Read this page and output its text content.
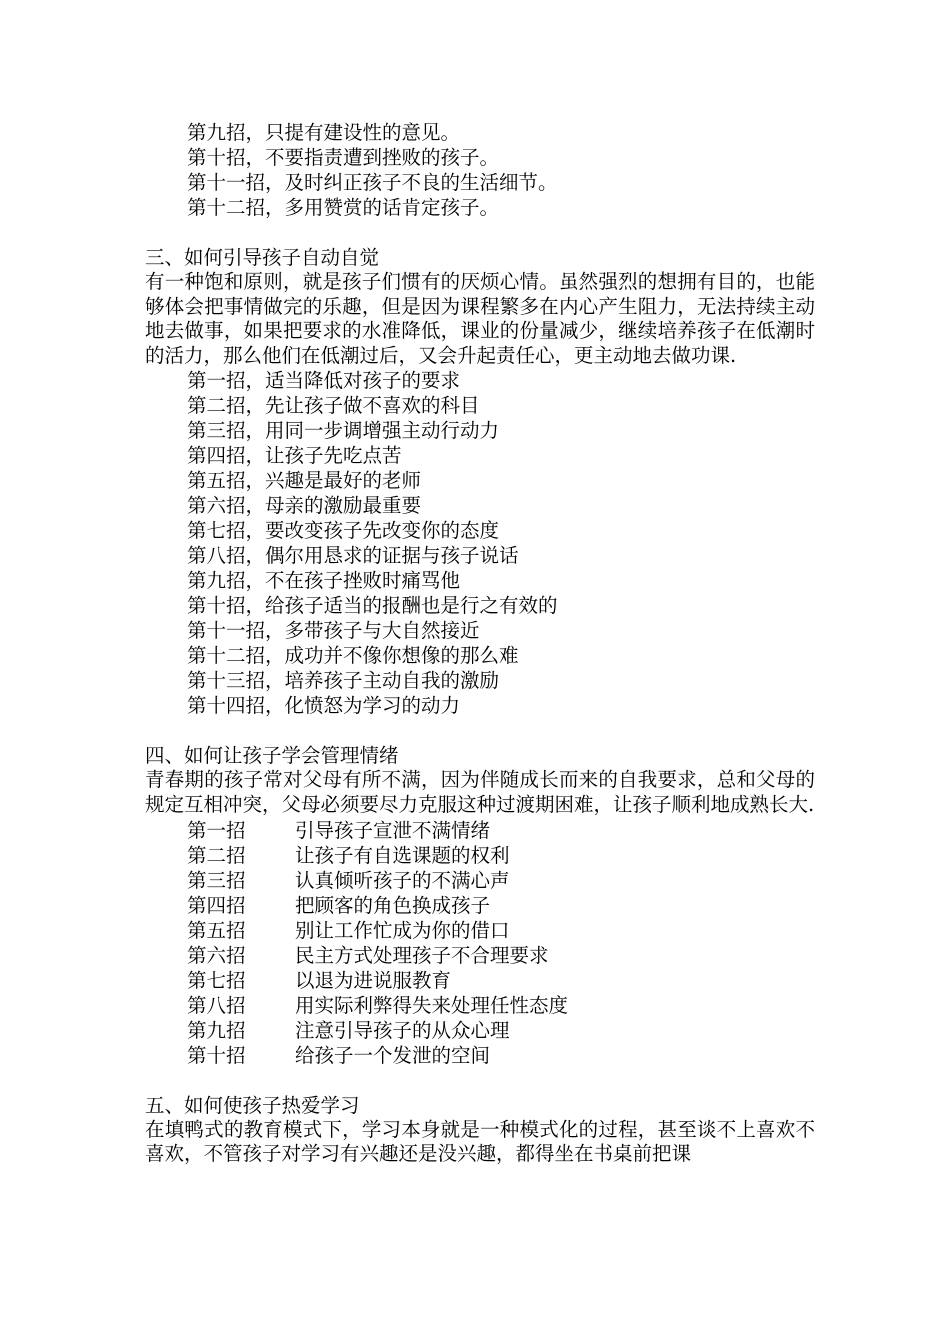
第九招，只提有建设性的意见。
第十招，不要指责遭到挫败的孩子。
第十一招，及时纠正孩子不良的生活细节。
第十二招，多用赞赏的话肯定孩子。
三、如何引导孩子自动自觉
有一种饱和原则，就是孩子们惯有的厌烦心情。虽然强烈的想拥有目的，也能够体会把事情做完的乐趣，但是因为课程繁多在内心产生阻力，无法持续主动地去做事，如果把要求的水准降低，课业的份量减少，继续培养孩子在低潮时的活力，那么他们在低潮过后，又会升起责任心，更主动地去做功课.
第一招，适当降低对孩子的要求
第二招，先让孩子做不喜欢的科目
第三招，用同一步调增强主动行动力
第四招，让孩子先吃点苦
第五招，兴趣是最好的老师
第六招，母亲的激励最重要
第七招，要改变孩子先改变你的态度
第八招，偶尔用恳求的证据与孩子说话
第九招，不在孩子挫败时痛骂他
第十招，给孩子适当的报酬也是行之有效的
第十一招，多带孩子与大自然接近
第十二招，成功并不像你想像的那么难
第十三招，培养孩子主动自我的激励
第十四招，化愤怒为学习的动力
四、如何让孩子学会管理情绪
青春期的孩子常对父母有所不满，因为伴随成长而来的自我要求，总和父母的规定互相冲突，父母必须要尽力克服这种过渡期困难，让孩子顺利地成熟长大.
第一招	引导孩子宣泄不满情绪
第二招	让孩子有自选课题的权利
第三招	认真倾听孩子的不满心声
第四招	把顾客的角色换成孩子
第五招	别让工作忙成为你的借口
第六招	民主方式处理孩子不合理要求
第七招	以退为进说服教育
第八招	用实际利弊得失来处理任性态度
第九招	注意引导孩子的从众心理
第十招	给孩子一个发泄的空间
五、如何使孩子热爱学习
在填鸭式的教育模式下，学习本身就是一种模式化的过程，甚至谈不上喜欢不喜欢，不管孩子对学习有兴趣还是没兴趣，都得坐在书桌前把课
